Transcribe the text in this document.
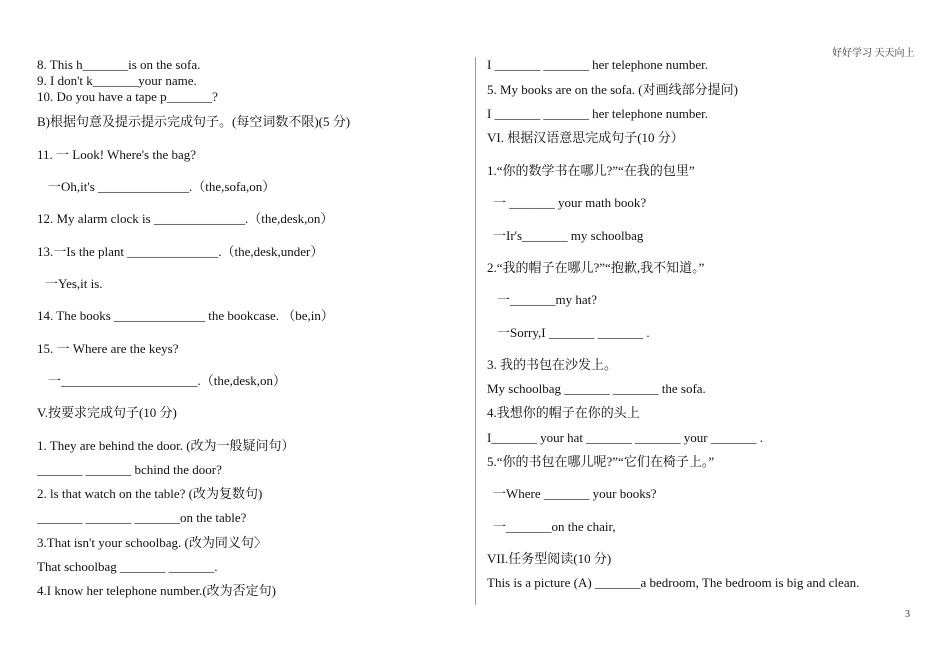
好好学习 天天向上
8. This h_______is on the sofa.
9. I don't k_______your name.
10. Do you have a tape p_______?
B)根据句意及提示提示完成句子。(每空词数不限)(5 分)
11. 一 Look! Where's the bag?
一Oh,it's ______________.（the,sofa,on）
12. My alarm clock is ______________.（the,desk,on）
13.一Is the plant ______________.（the,desk,under）
一Yes,it is.
14. The books ______________ the bookcase. （be,in）
15. 一 Where are the keys?
一_____________________.（the,desk,on）
V.按要求完成句子(10 分)
1. They are behind the door. (改为一般疑问句）
_______ _______ bchind the door?
2. ls that watch on the table? (改为复数句)
_______ _______ _______on the table?
3.That isn't your schoolbag. (改为同义句〉
That schoolbag _______ _______.
4.I know her telephone number.(改为否定句)
I _______ _______ her telephone number.
5. My books are on the sofa. (对画线部分提问)
I _______ _______ her telephone number.
VI. 根据汉语意思完成句子(10 分）
1.“你的数学书在哪儿?”“在我的包里”
一 _______ your math book?
一Ir's_______ my schoolbag
2.“我的帽子在哪儿?”“抱歉,我不知道。”
一_______my hat?
一Sorry,I _______ _______ .
3. 我的书包在沙发上。
My schoolbag _______ _______ the sofa.
4.我想你的帽子在你的头上
I_______ your hat _______ _______ your _______ .
5.“你的书包在哪儿呢?”“它们在椅子上。”
一Where _______ your books?
一_______on the chair,
VII.任务型阅读(10 分)
This is a picture (A) _______a bedroom, The bedroom is big and clean.
3
